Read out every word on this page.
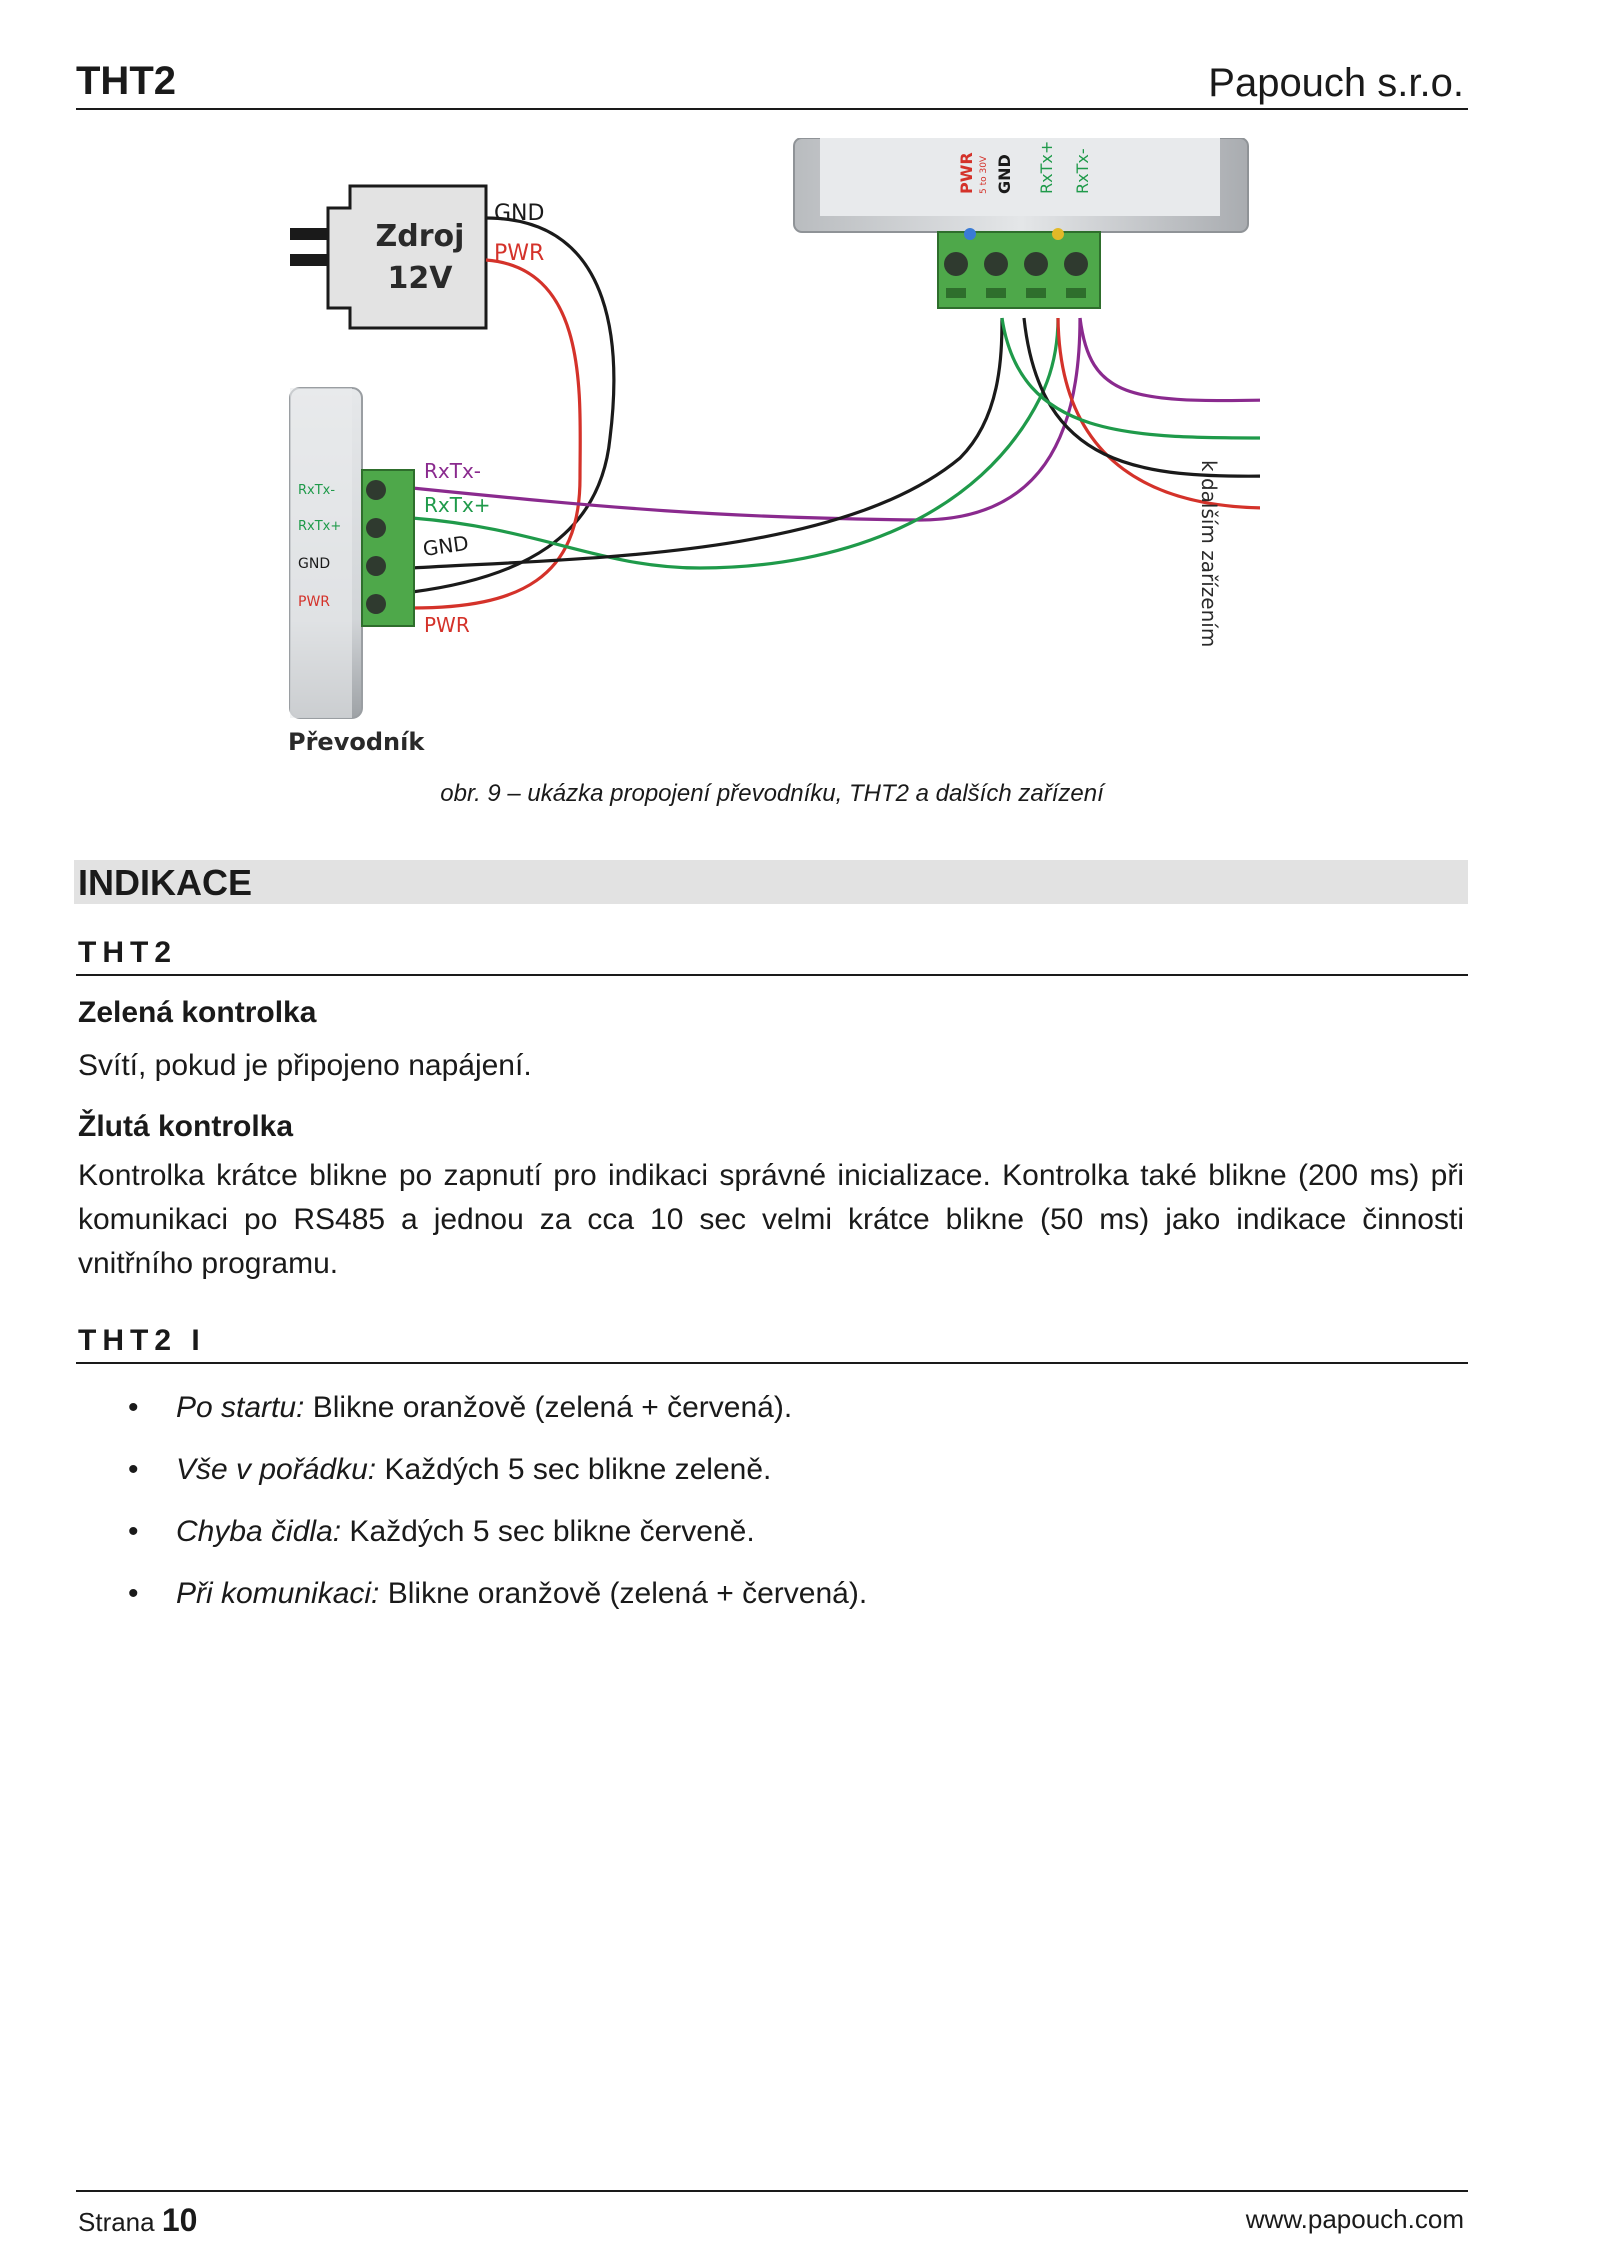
THT2	Papouch s.r.o.
Zdroj
12V
GND
PWR
RxTx-
RxTx+
GND
PWR
RxTx-
RxTx+
GND
PWR
Převodník
PWR 5 to 30V GND RxTx+ RxTx-
k dalším zařízením
obr. 9 – ukázka propojení převodníku, THT2 a dalších zařízení
INDIKACE
THT2
Zelená kontrolka
Svítí, pokud je připojeno napájení.
Žlutá kontrolka
Kontrolka krátce blikne po zapnutí pro indikaci správné inicializace. Kontrolka také blikne (200 ms) při komunikaci po RS485 a jednou za cca 10 sec velmi krátce blikne (50 ms) jako indikace činnosti vnitřního programu.
THT2 I
• Po startu: Blikne oranžově (zelená + červená).
• Vše v pořádku: Každých 5 sec blikne zeleně.
• Chyba čidla: Každých 5 sec blikne červeně.
• Při komunikaci: Blikne oranžově (zelená + červená).
Strana 10	www.papouch.com
